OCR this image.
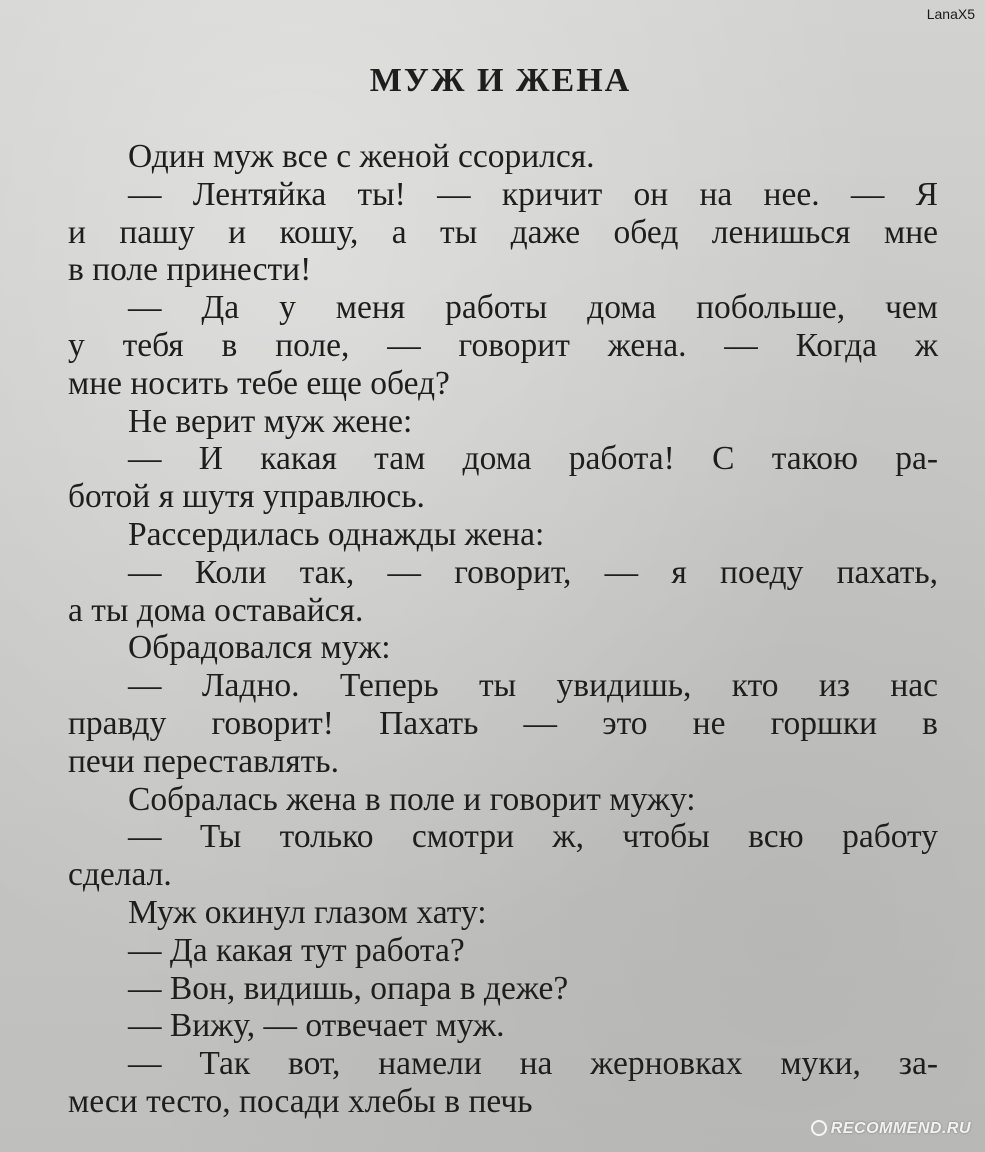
LanaX5
МУЖ И ЖЕНА
Один муж все с женой ссорился.
— Лентяйка ты! — кричит он на нее. — Я
и пашу и кошу, а ты даже обед ленишься мне
в поле принести!
— Да у меня работы дома побольше, чем
у тебя в поле, — говорит жена. — Когда ж
мне носить тебе еще обед?
Не верит муж жене:
— И какая там дома работа! С такою ра-
ботой я шутя управлюсь.
Рассердилась однажды жена:
— Коли так, — говорит, — я поеду пахать,
а ты дома оставайся.
Обрадовался муж:
— Ладно. Теперь ты увидишь, кто из нас
правду говорит! Пахать — это не горшки в
печи переставлять.
Собралась жена в поле и говорит мужу:
— Ты только смотри ж, чтобы всю работу
сделал.
Муж окинул глазом хату:
— Да какая тут работа?
— Вон, видишь, опара в деже?
— Вижу, — отвечает муж.
— Так вот, намели на жерновках муки, за-
меси тесто, посади хлебы в печь
RECOMMEND.RU
